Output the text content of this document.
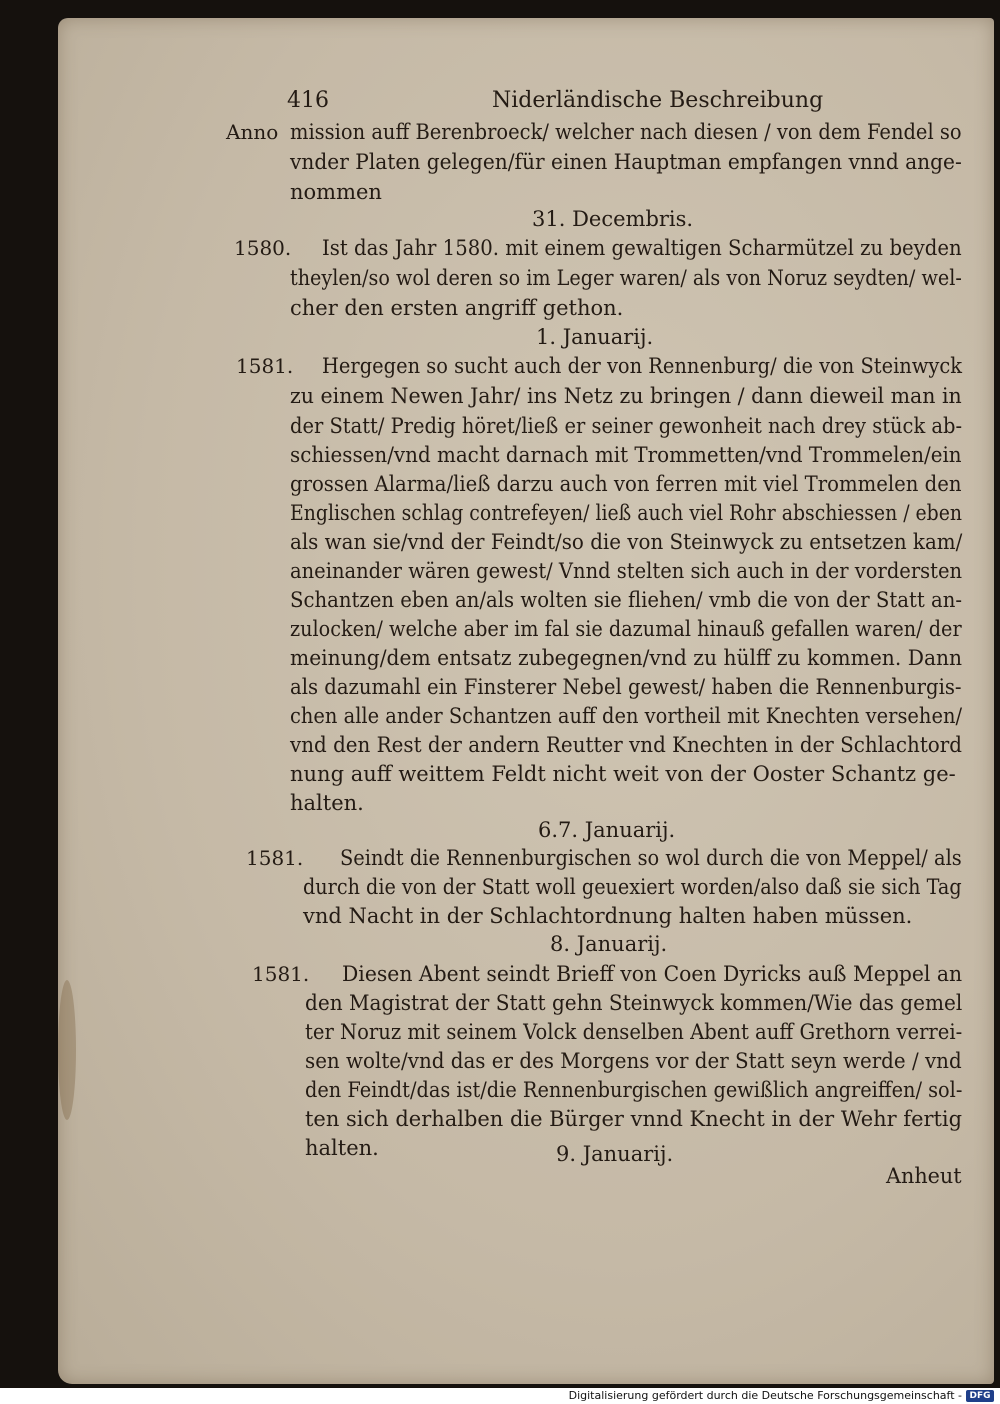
416	Niderländische Beschreibung
Anno mission auff Berenbroeck/ welcher nach diesen / von dem Fendel so
vnder Platen gelegen/für einen Hauptman empfangen vnnd ange-
nommen
31. Decembris.
1580. Ist das Jahr 1580. mit einem gewaltigen Scharmützel zu beyden
theylen/so wol deren so im Leger waren/ als von Noruz seydten/ wel-
cher den ersten angriff gethon.
1. Januarij.
1581. Hergegen so sucht auch der von Rennenburg/ die von Steinwyck
zu einem Newen Jahr/ ins Netz zu bringen / dann dieweil man in
der Statt/ Predig höret/ließ er seiner gewonheit nach drey stück ab-
schiessen/vnd macht darnach mit Trommetten/vnd Trommelen/ein
grossen Alarma/ließ darzu auch von ferren mit viel Trommelen den
Englischen schlag contrefeyen/ ließ auch viel Rohr abschiessen / eben
als wan sie/vnd der Feindt/so die von Steinwyck zu entsetzen kam/
aneinander wären gewest/ Vnnd stelten sich auch in der vordersten
Schantzen eben an/als wolten sie fliehen/ vmb die von der Statt an-
zulocken/ welche aber im fal sie dazumal hinauß gefallen waren/ der
meinung/dem entsatz zubegegnen/vnd zu hülff zu kommen. Dann
als dazumahl ein Finsterer Nebel gewest/ haben die Rennenburgis-
chen alle ander Schantzen auff den vortheil mit Knechten versehen/
vnd den Rest der andern Reutter vnd Knechten in der Schlachtord
nung auff weittem Feldt nicht weit von der Ooster Schantz ge-
halten.
6.7. Januarij.
1581. Seindt die Rennenburgischen so wol durch die von Meppel/ als
durch die von der Statt woll geuexiert worden/also daß sie sich Tag
vnd Nacht in der Schlachtordnung halten haben müssen.
8. Januarij.
1581. Diesen Abent seindt Brieff von Coen Dyricks auß Meppel an
den Magistrat der Statt gehn Steinwyck kommen/Wie das gemel
ter Noruz mit seinem Volck denselben Abent auff Grethorn verrei-
sen wolte/vnd das er des Morgens vor der Statt seyn werde / vnd
den Feindt/das ist/die Rennenburgischen gewißlich angreiffen/ sol-
ten sich derhalben die Bürger vnnd Knecht in der Wehr fertig
halten.	9. Januarij.
Anheut
Digitalisierung gefördert durch die Deutsche Forschungsgemeinschaft - DFG
